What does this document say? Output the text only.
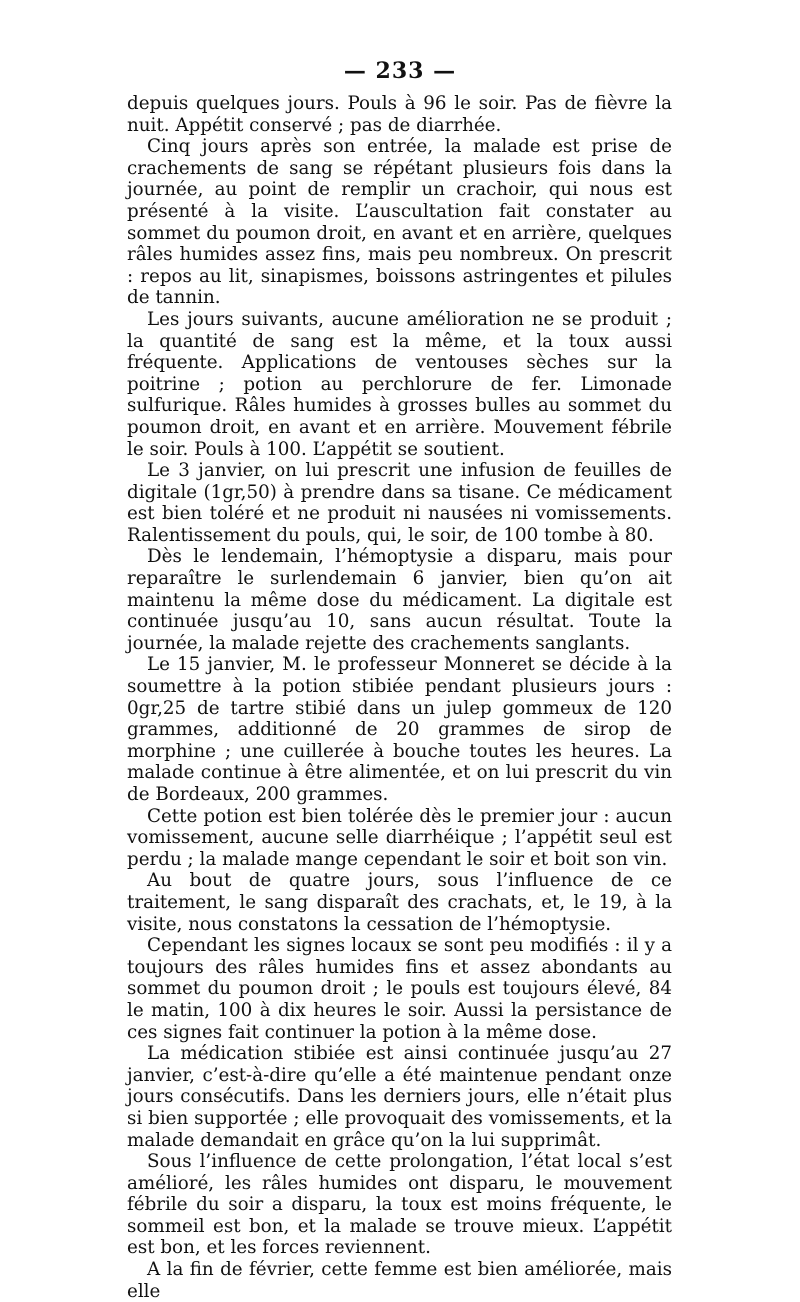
— 233 —

depuis quelques jours. Pouls à 96 le soir. Pas de fièvre la nuit. Appétit conservé ; pas de diarrhée.

Cinq jours après son entrée, la malade est prise de crachements de sang se répétant plusieurs fois dans la journée, au point de remplir un crachoir, qui nous est présenté à la visite. L’auscultation fait constater au sommet du poumon droit, en avant et en arrière, quelques râles humides assez fins, mais peu nombreux. On prescrit : repos au lit, sinapismes, boissons astringentes et pilules de tannin.

Les jours suivants, aucune amélioration ne se produit ; la quantité de sang est la même, et la toux aussi fréquente. Applications de ventouses sèches sur la poitrine ; potion au perchlorure de fer. Limonade sulfurique. Râles humides à grosses bulles au sommet du poumon droit, en avant et en arrière. Mouvement fébrile le soir. Pouls à 100. L’appétit se soutient.

Le 3 janvier, on lui prescrit une infusion de feuilles de digitale (1gr,50) à prendre dans sa tisane. Ce médicament est bien toléré et ne produit ni nausées ni vomissements. Ralentissement du pouls, qui, le soir, de 100 tombe à 80.

Dès le lendemain, l’hémoptysie a disparu, mais pour reparaître le surlendemain 6 janvier, bien qu’on ait maintenu la même dose du médicament. La digitale est continuée jusqu’au 10, sans aucun résultat. Toute la journée, la malade rejette des crachements sanglants.

Le 15 janvier, M. le professeur Monneret se décide à la soumettre à la potion stibiée pendant plusieurs jours : 0gr,25 de tartre stibié dans un julep gommeux de 120 grammes, additionné de 20 grammes de sirop de morphine ; une cuillerée à bouche toutes les heures. La malade continue à être alimentée, et on lui prescrit du vin de Bordeaux, 200 grammes.

Cette potion est bien tolérée dès le premier jour : aucun vomissement, aucune selle diarrhéique ; l’appétit seul est perdu ; la malade mange cependant le soir et boit son vin.

Au bout de quatre jours, sous l’influence de ce traitement, le sang disparaît des crachats, et, le 19, à la visite, nous constatons la cessation de l’hémoptysie.

Cependant les signes locaux se sont peu modifiés : il y a toujours des râles humides fins et assez abondants au sommet du poumon droit ; le pouls est toujours élevé, 84 le matin, 100 à dix heures le soir. Aussi la persistance de ces signes fait continuer la potion à la même dose.

La médication stibiée est ainsi continuée jusqu’au 27 janvier, c’est-à-dire qu’elle a été maintenue pendant onze jours consécutifs. Dans les derniers jours, elle n’était plus si bien supportée ; elle provoquait des vomissements, et la malade demandait en grâce qu’on la lui supprimât.

Sous l’influence de cette prolongation, l’état local s’est amélioré, les râles humides ont disparu, le mouvement fébrile du soir a disparu, la toux est moins fréquente, le sommeil est bon, et la malade se trouve mieux. L’appétit est bon, et les forces reviennent.

A la fin de février, cette femme est bien améliorée, mais elle
